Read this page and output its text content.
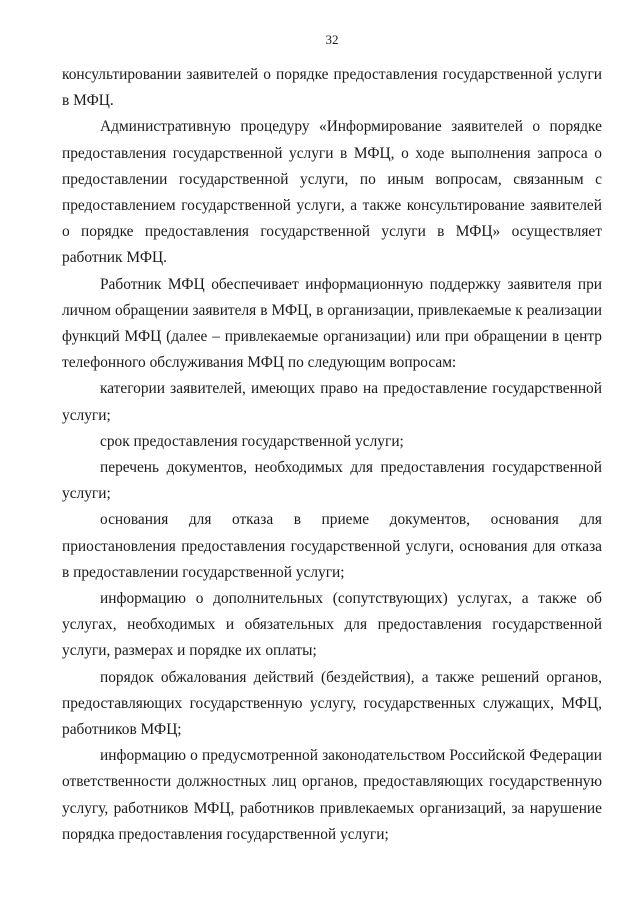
32

консультировании заявителей о порядке предоставления государственной услуги в МФЦ.

Административную процедуру «Информирование заявителей о порядке предоставления государственной услуги в МФЦ, о ходе выполнения запроса о предоставлении государственной услуги, по иным вопросам, связанным с предоставлением государственной услуги, а также консультирование заявителей о порядке предоставления государственной услуги в МФЦ» осуществляет работник МФЦ.

Работник МФЦ обеспечивает информационную поддержку заявителя при личном обращении заявителя в МФЦ, в организации, привлекаемые к реализации функций МФЦ (далее – привлекаемые организации) или при обращении в центр телефонного обслуживания МФЦ по следующим вопросам:

категории заявителей, имеющих право на предоставление государственной услуги;

срок предоставления государственной услуги;

перечень документов, необходимых для предоставления государственной услуги;

основания для отказа в приеме документов, основания для приостановления предоставления государственной услуги, основания для отказа в предоставлении государственной услуги;

информацию о дополнительных (сопутствующих) услугах, а также об услугах, необходимых и обязательных для предоставления государственной услуги, размерах и порядке их оплаты;

порядок обжалования действий (бездействия), а также решений органов, предоставляющих государственную услугу, государственных служащих, МФЦ, работников МФЦ;

информацию о предусмотренной законодательством Российской Федерации ответственности должностных лиц органов, предоставляющих государственную услугу, работников МФЦ, работников привлекаемых организаций, за нарушение порядка предоставления государственной услуги;
